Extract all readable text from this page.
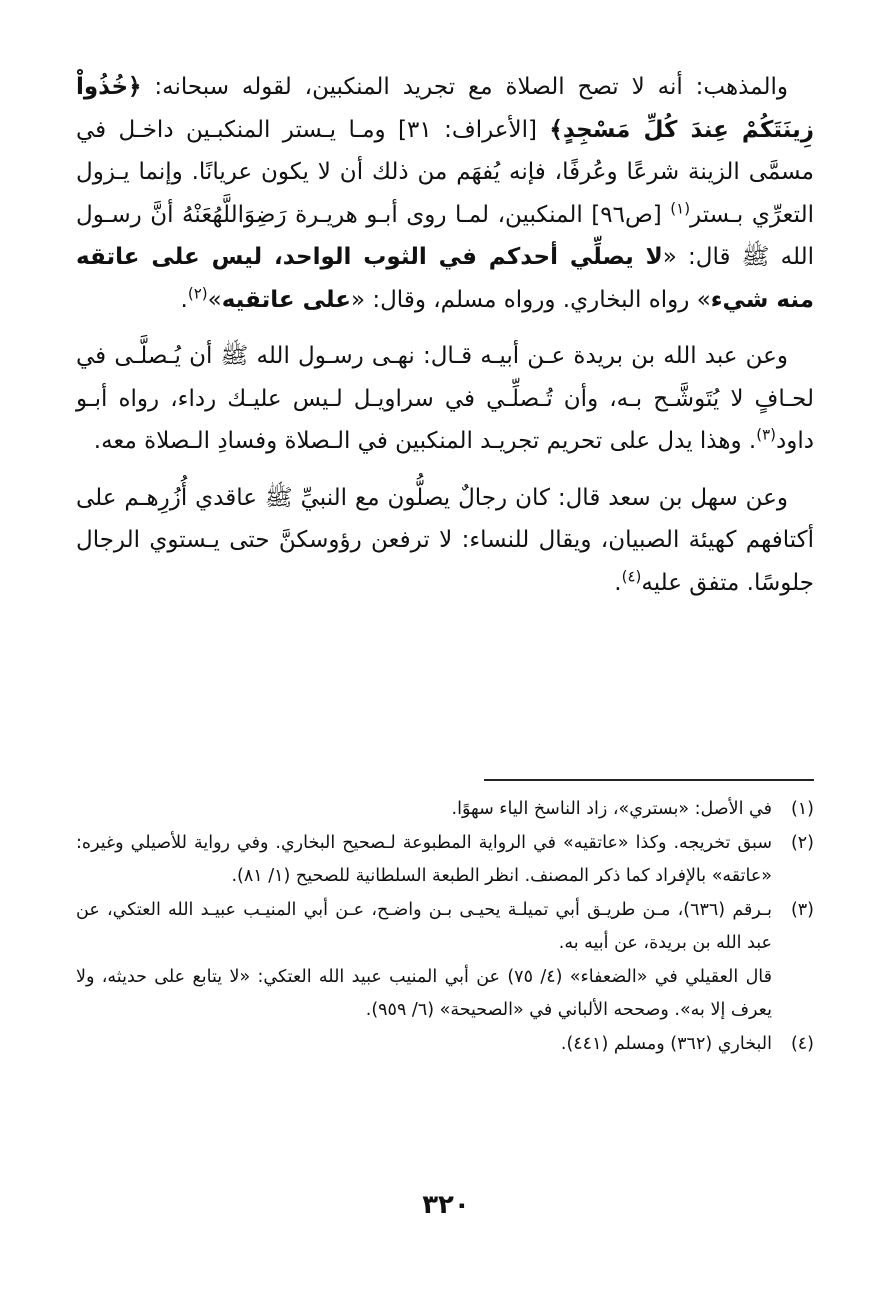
والمذهب: أنه لا تصح الصلاة مع تجريد المنكبين، لقوله سبحانه: ﴿خُذُواْ زِينَتَكُمْ عِندَ كُلِّ مَسْجِدٍ﴾ [الأعراف: ٣١] ومـا يـستر المنكبـين داخـل في مسمَّى الزينة شرعًا وعُرفًا، فإنه يُفهَم من ذلك أن لا يكون عريانًا. وإنما يـزول التعرِّي بـستر$^{(١)}$ [ص٩٦] المنكبين، لمـا روى أبـو هريـرة رَضِوَاللَّهُعَنْهُ أنَّ رسـول الله ﷺ قال: «لا يصلِّي أحدكم في الثوب الواحد، ليس على عاتقه منه شيء» رواه البخاري. ورواه مسلم، وقال: «على عاتقيه»$^{(٢)}$.

وعن عبد الله بن بريدة عـن أبيـه قـال: نهـى رسـول الله ﷺ أن يُـصلَّـى في لحـافٍ لا يُتَوشَّـح بـه، وأن تُـصلِّـي في سراويـل لـيس عليـك رداء، رواه أبـو داود$^{(٣)}$. وهذا يدل على تحريم تجريـد المنكبين في الـصلاة وفسادِ الـصلاة معه.

وعن سهل بن سعد قال: كان رجالٌ يصلُّون مع النبيِّ ﷺ عاقدي أُزُرِهـم على أكتافهم كهيئة الصبيان، ويقال للنساء: لا ترفعن رؤوسكنَّ حتى يـستوي الرجال جلوسًا. متفق عليه$^{(٤)}$.

(١)

في الأصل: «بستري»، زاد الناسخ الياء سهوًا.

(٢)

سبق تخريجه. وكذا «عاتقيه» في الرواية المطبوعة لـصحيح البخاري. وفي رواية للأصيلي وغيره: «عاتقه» بالإفراد كما ذكر المصنف. انظر الطبعة السلطانية للصحيح (١/ ٨١).

(٣)

بـرقم (٦٣٦)، مـن طريـق أبي تميلـة يحيـى بـن واضـح، عـن أبي المنيـب عبيـد الله العتكي، عن عبد الله بن بريدة، عن أبيه به.

قال العقيلي في «الضعفاء» (٤/ ٧٥) عن أبي المنيب عبيد الله العتكي: «لا يتابع على حديثه، ولا يعرف إلا به». وصححه الألباني في «الصحيحة» (٦/ ٩٥٩).

(٤)

البخاري (٣٦٢) ومسلم (٤٤١).

٣٢٠
